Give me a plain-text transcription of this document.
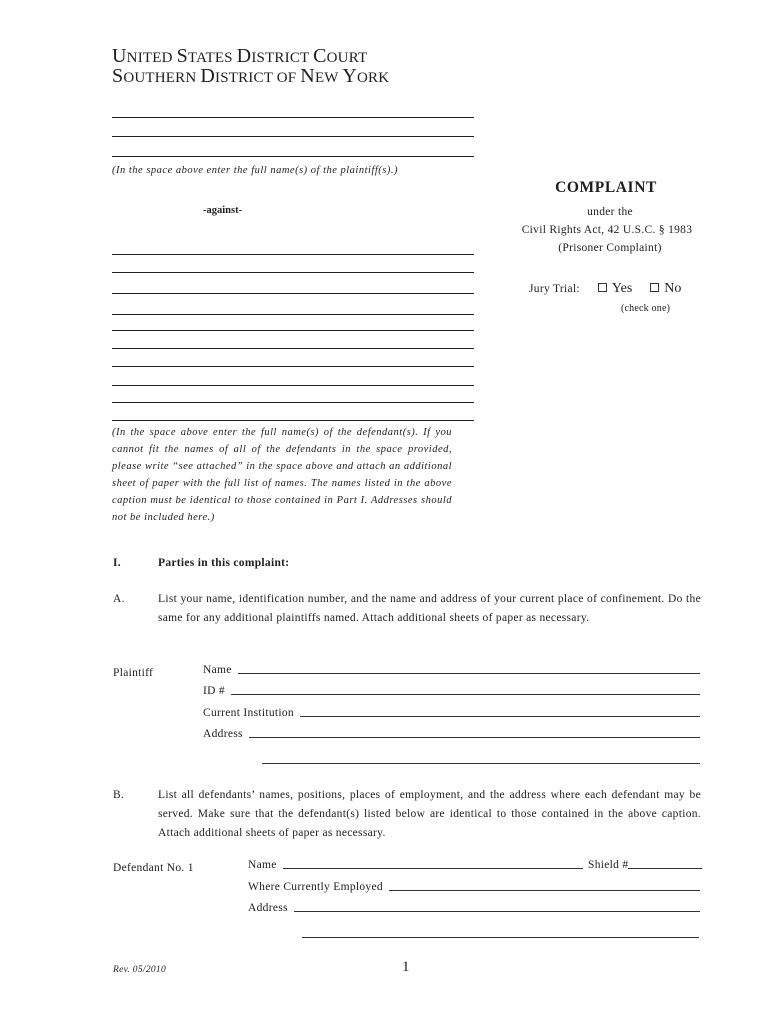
UNITED STATES DISTRICT COURT
SOUTHERN DISTRICT OF NEW YORK
(In the space above enter the full name(s) of the plaintiff(s).)
COMPLAINT
under the
Civil Rights Act, 42 U.S.C. § 1983
(Prisoner Complaint)
Jury Trial: Yes No
(check one)
-against-
(In the space above enter the full name(s) of the defendant(s). If you cannot fit the names of all of the defendants in the space provided, please write “see attached” in the space above and attach an additional sheet of paper with the full list of names. The names listed in the above caption must be identical to those contained in Part I. Addresses should not be included here.)
I.	Parties in this complaint:
A.	List your name, identification number, and the name and address of your current place of confinement. Do the same for any additional plaintiffs named. Attach additional sheets of paper as necessary.
Plaintiff	Name
ID #
Current Institution
Address
B.	List all defendants’ names, positions, places of employment, and the address where each defendant may be served. Make sure that the defendant(s) listed below are identical to those contained in the above caption. Attach additional sheets of paper as necessary.
Defendant No. 1	Name	Shield #
Where Currently Employed
Address
Rev. 05/2010	1
